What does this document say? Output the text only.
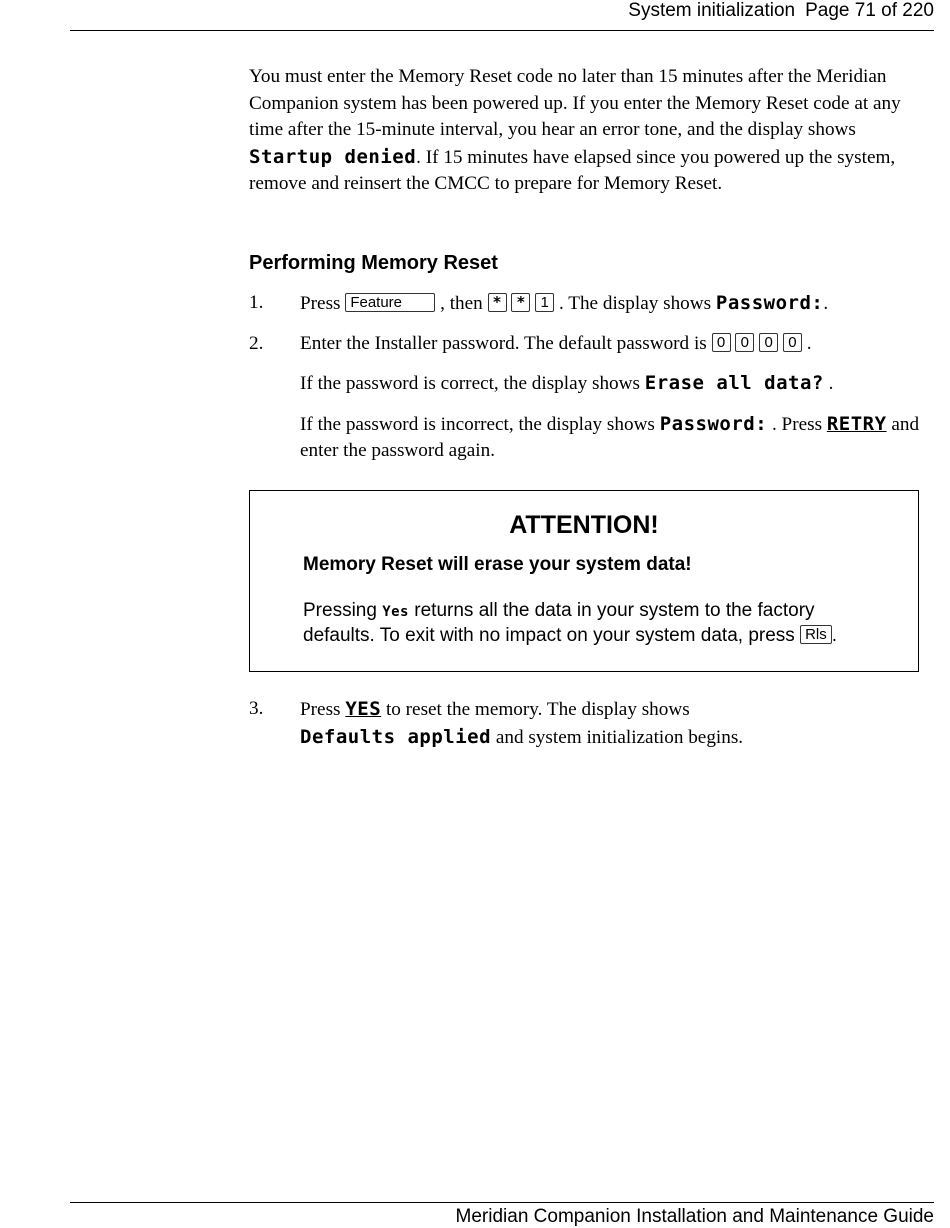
System initialization Page 71 of 220

You must enter the Memory Reset code no later than 15 minutes after the Meridian Companion system has been powered up. If you enter the Memory Reset code at any time after the 15-minute interval, you hear an error tone, and the display shows Startup denied. If 15 minutes have elapsed since you powered up the system, remove and reinsert the CMCC to prepare for Memory Reset.

Performing Memory Reset
1. Press Feature , then * * 1 . The display shows Password:.
2. Enter the Installer password. The default password is 0 0 0 0 .
If the password is correct, the display shows Erase all data? .
If the password is incorrect, the display shows Password: . Press RETRY and enter the password again.
ATTENTION!
Memory Reset will erase your system data!
Pressing Yes returns all the data in your system to the factory defaults. To exit with no impact on your system data, press Rls .
3. Press YES to reset the memory. The display shows
Defaults applied and system initialization begins.
Meridian Companion Installation and Maintenance Guide
